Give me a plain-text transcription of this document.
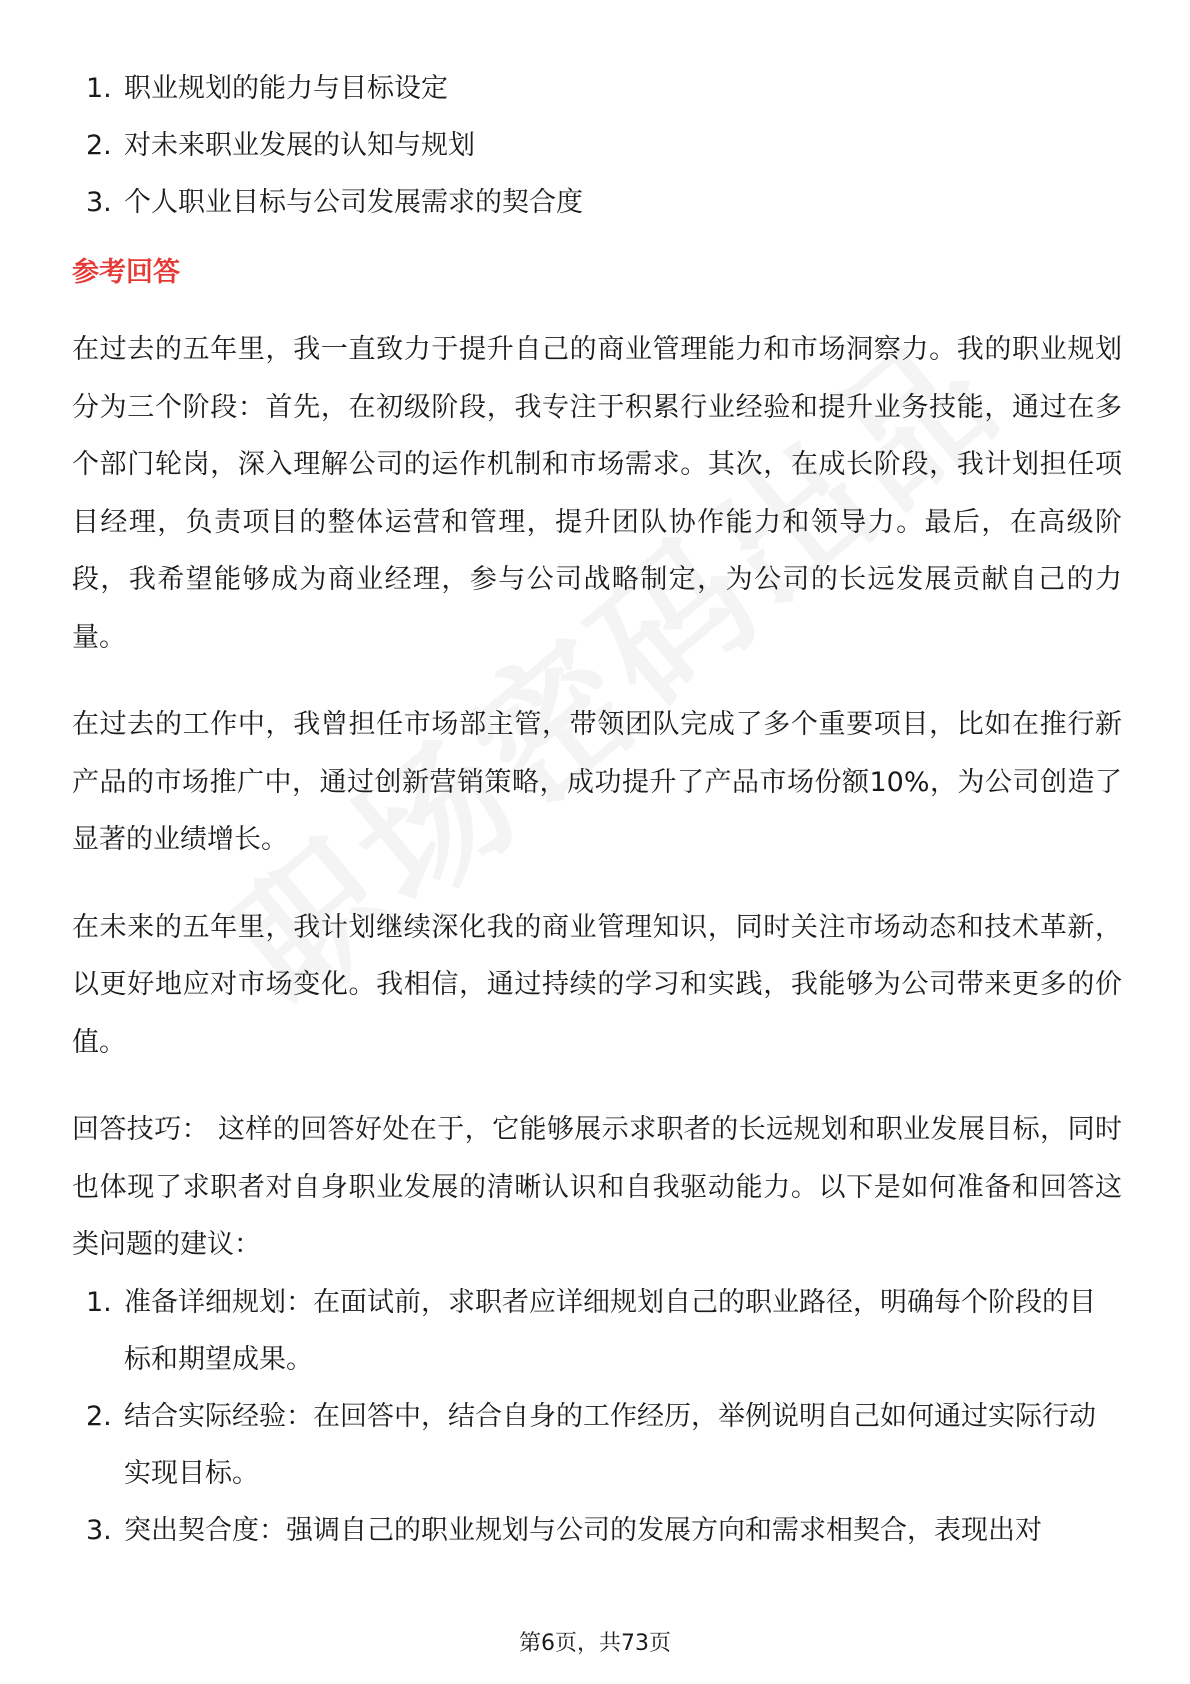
1. 职业规划的能力与目标设定
2. 对未来职业发展的认知与规划
3. 个人职业目标与公司发展需求的契合度
参考回答

在过去的五年里，我一直致力于提升自己的商业管理能力和市场洞察力。我的职业规划分为三个阶段：首先，在初级阶段，我专注于积累行业经验和提升业务技能，通过在多个部门轮岗，深入理解公司的运作机制和市场需求。其次，在成长阶段，我计划担任项目经理，负责项目的整体运营和管理，提升团队协作能力和领导力。最后，在高级阶段，我希望能够成为商业经理，参与公司战略制定，为公司的长远发展贡献自己的力量。

在过去的工作中，我曾担任市场部主管，带领团队完成了多个重要项目，比如在推行新产品的市场推广中，通过创新营销策略，成功提升了产品市场份额10%，为公司创造了显著的业绩增长。

在未来的五年里，我计划继续深化我的商业管理知识，同时关注市场动态和技术革新，以更好地应对市场变化。我相信，通过持续的学习和实践，我能够为公司带来更多的价值。

回答技巧： 这样的回答好处在于，它能够展示求职者的长远规划和职业发展目标，同时也体现了求职者对自身职业发展的清晰认识和自我驱动能力。以下是如何准备和回答这类问题的建议：

1. 准备详细规划：在面试前，求职者应详细规划自己的职业路径，明确每个阶段的目标和期望成果。
2. 结合实际经验：在回答中，结合自身的工作经历，举例说明自己如何通过实际行动实现目标。
3. 突出契合度：强调自己的职业规划与公司的发展方向和需求相契合，表现出对
第6页，共73页
